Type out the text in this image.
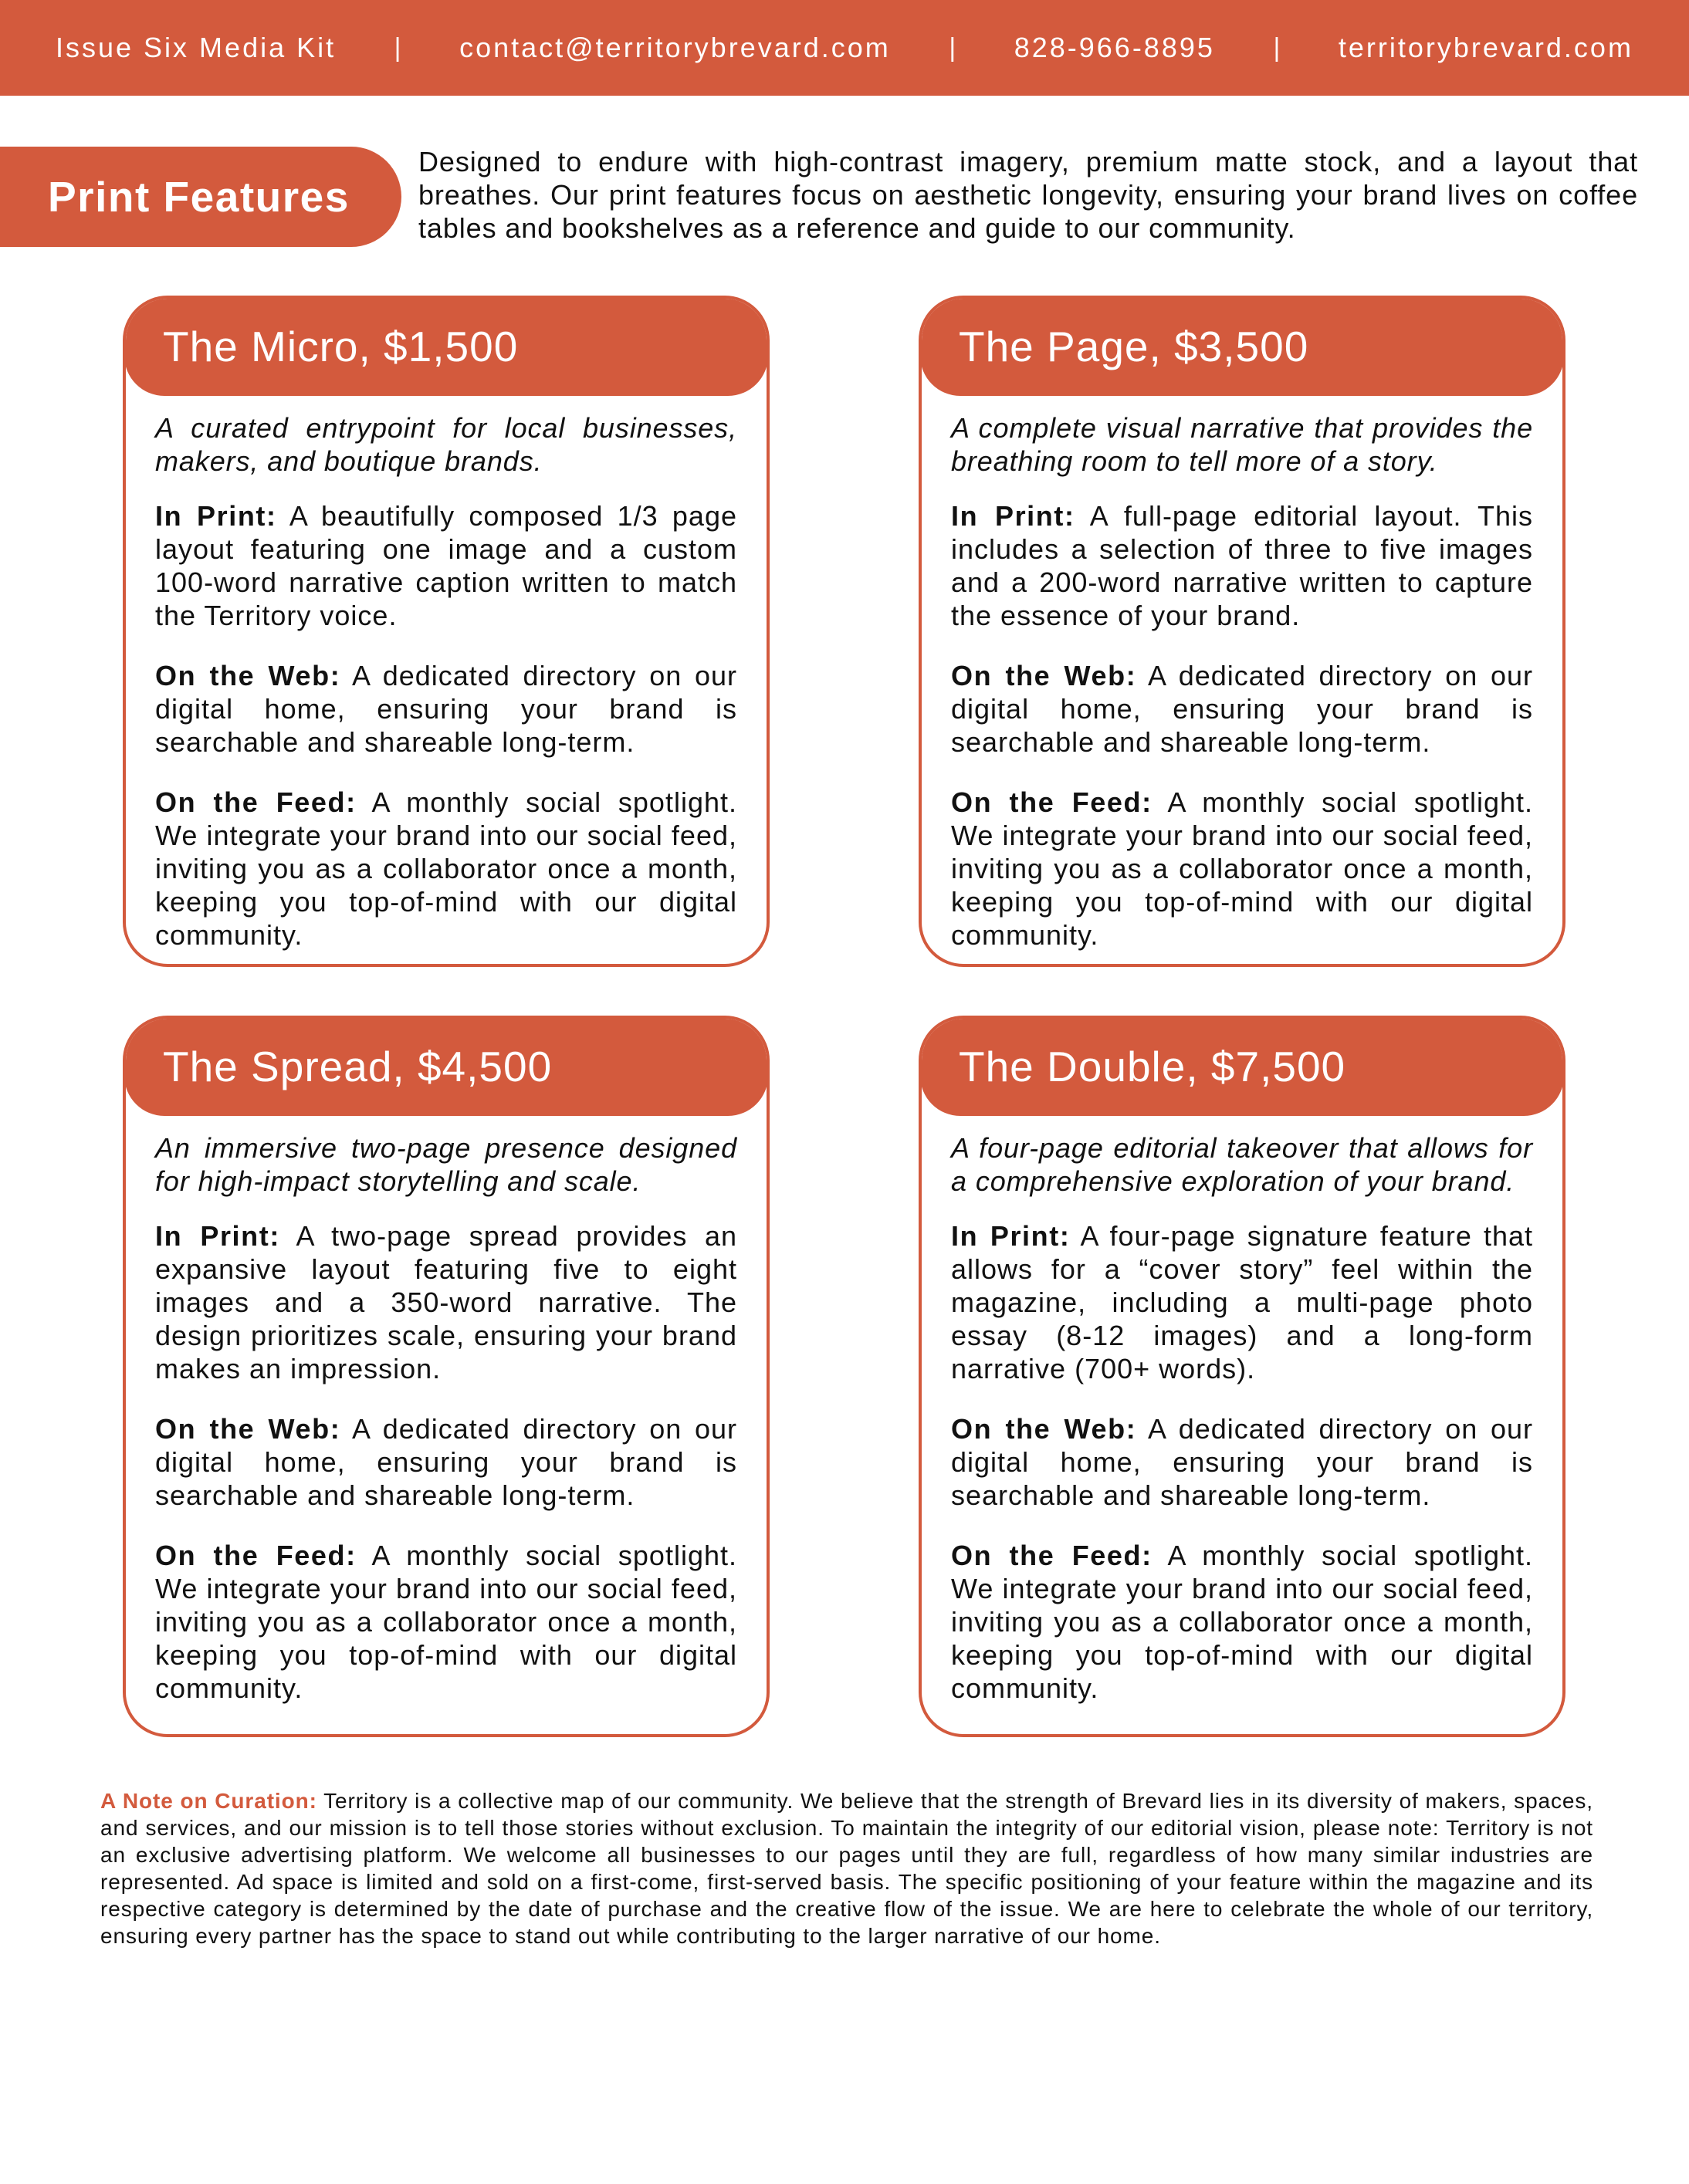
Issue Six Media Kit | contact@territorybrevard.com | 828-966-8895 | territorybrevard.com
Print Features
Designed to endure with high-contrast imagery, premium matte stock, and a layout that breathes. Our print features focus on aesthetic longevity, ensuring your brand lives on coffee tables and bookshelves as a reference and guide to our community.
The Micro, $1,500

A curated entrypoint for local businesses, makers, and boutique brands.

In Print: A beautifully composed 1/3 page layout featuring one image and a custom 100-word narrative caption written to match the Territory voice.

On the Web: A dedicated directory on our digital home, ensuring your brand is searchable and shareable long-term.

On the Feed: A monthly social spotlight. We integrate your brand into our social feed, inviting you as a collaborator once a month, keeping you top-of-mind with our digital community.

The Page, $3,500

A complete visual narrative that provides the breathing room to tell more of a story.

In Print: A full-page editorial layout. This includes a selection of three to five images and a 200-word narrative written to capture the essence of your brand.

On the Web: A dedicated directory on our digital home, ensuring your brand is searchable and shareable long-term.

On the Feed: A monthly social spotlight. We integrate your brand into our social feed, inviting you as a collaborator once a month, keeping you top-of-mind with our digital community.

The Spread, $4,500

An immersive two-page presence designed for high-impact storytelling and scale.

In Print: A two-page spread provides an expansive layout featuring five to eight images and a 350-word narrative. The design prioritizes scale, ensuring your brand makes an impression.

On the Web: A dedicated directory on our digital home, ensuring your brand is searchable and shareable long-term.

On the Feed: A monthly social spotlight. We integrate your brand into our social feed, inviting you as a collaborator once a month, keeping you top-of-mind with our digital community.

The Double, $7,500

A four-page editorial takeover that allows for a comprehensive exploration of your brand.

In Print: A four-page signature feature that allows for a “cover story” feel within the magazine, including a multi-page photo essay (8-12 images) and a long-form narrative (700+ words).

On the Web: A dedicated directory on our digital home, ensuring your brand is searchable and shareable long-term.

On the Feed: A monthly social spotlight. We integrate your brand into our social feed, inviting you as a collaborator once a month, keeping you top-of-mind with our digital community.

A Note on Curation: Territory is a collective map of our community. We believe that the strength of Brevard lies in its diversity of makers, spaces, and services, and our mission is to tell those stories without exclusion. To maintain the integrity of our editorial vision, please note: Territory is not an exclusive advertising platform. We welcome all businesses to our pages until they are full, regardless of how many similar industries are represented. Ad space is limited and sold on a first-come, first-served basis. The specific positioning of your feature within the magazine and its respective category is determined by the date of purchase and the creative flow of the issue. We are here to celebrate the whole of our territory, ensuring every partner has the space to stand out while contributing to the larger narrative of our home.
